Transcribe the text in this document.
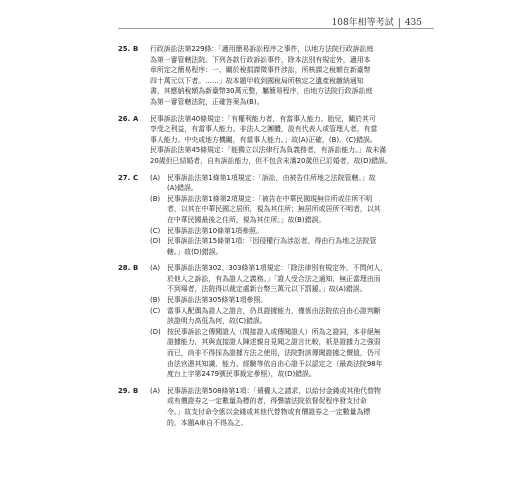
108年相等考試 | 435
25. B 行政訴訟法第229條：「適用簡易訴訟程序之事件，以地方法院行政訴訟庭
為第一審管轄法院。下列各款行政訴訟事件，除本法別有規定外，適用本
章所定之簡易程序：一、關於稅捐課徵事件涉訟，所核課之稅額在新臺幣
四十萬元以下者。……」故本題甲收到國稅局所核定之遺產稅繳納通知
書，其應納稅額為新臺幣30萬元整，屬簡易程序，由地方法院行政訴訟庭
為第一審管轄法院，正確答案為(B)。
26. A 民事訴訟法第40條規定：「有權利能力者，有當事人能力。胎兒，關於其可
享受之利益，有當事人能力。非法人之團體，設有代表人或管理人者，有當
事人能力。中央或地方機關，有當事人能力。」故(A)正確，(B)、(C)錯誤。
民事訴訟法第45條規定：「能獨立以法律行為負義務者，有訴訟能力。」故未滿
20歲但已結婚者，自有訴訟能力，但不包含未滿20歲但已訂婚者，故(D)錯誤。
27. C (A) 民事訴訟法第1條第1項規定：「訴訟，由被告住所地之法院管轄。」故
(A)錯誤。
(B) 民事訴訟法第1條第2項規定：「被告在中華民國現無住所或住所不明
者，以其在中華民國之居所，視為其住所；無居所或居所不明者，以其
在中華民國最後之住所，視為其住所。」故(B)錯誤。
(C) 民事訴訟法第10條第1項參照。
(D) 民事訴訟法第15條第1項：「因侵權行為涉訟者，得由行為地之法院管
轄。」故(D)錯誤。
28. B (A) 民事訴訟法第302、303條第1項規定：「除法律別有規定外，不問何人，
於他人之訴訟，有為證人之義務。」「證人受合法之通知，無正當理由而
不到場者，法院得以裁定處新台幣三萬元以下罰鍰。」故(A)錯誤。
(B) 民事訴訟法第305條第1項參照。
(C) 當事人配偶為證人之證言，仍具證據能力，僅係由法院依自由心證判斷
該證明力高低為何，故(C)錯誤。
(D) 按民事訴訟之傳聞證人（間接證人或傳聞證人）所為之證詞，本非絕無
證據能力，其與直接證人陳述親自見聞之證言比較，祇是證據力之強弱
而已，尚非不得採為證據方法之使用，法院對該傳聞證據之價值，仍可
由法官憑其知識、能力、經驗等依自由心證予以認定之（最高法院98年
度台上字第2479號民事裁定參照），故(D)錯誤。
29. B (A) 民事訴訟法第508條第1項：「債權人之請求，以給付金錢或其他代替物
或有價證券之一定數量為標的者，得聲請法院依督促程序發支付命
令。」故支付命令係以金錢或其他代替物或有價證券之一定數量為標
的，本題A車自不得為之。
